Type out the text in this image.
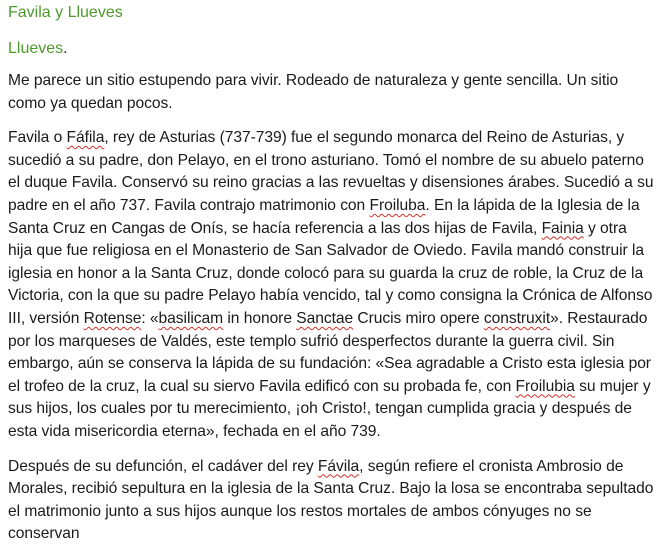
Favila y Llueves
Llueves.

Me parece un sitio estupendo para vivir. Rodeado de naturaleza y gente sencilla. Un sitio como ya quedan pocos.

Favila o Fáfila, rey de Asturias (737-739) fue el segundo monarca del Reino de Asturias, y sucedió a su padre, don Pelayo, en el trono asturiano. Tomó el nombre de su abuelo paterno el duque Favila. Conservó su reino gracias a las revueltas y disensiones árabes. Sucedió a su padre en el año 737. Favila contrajo matrimonio con Froiluba. En la lápida de la Iglesia de la Santa Cruz en Cangas de Onís, se hacía referencia a las dos hijas de Favila, Fainia y otra hija que fue religiosa en el Monasterio de San Salvador de Oviedo. Favila mandó construir la iglesia en honor a la Santa Cruz, donde colocó para su guarda la cruz de roble, la Cruz de la Victoria, con la que su padre Pelayo había vencido, tal y como consigna la Crónica de Alfonso III, versión Rotense: «basilicam in honore Sanctae Crucis miro opere construxit». Restaurado por los marqueses de Valdés, este templo sufrió desperfectos durante la guerra civil. Sin embargo, aún se conserva la lápida de su fundación: «Sea agradable a Cristo esta iglesia por el trofeo de la cruz, la cual su siervo Favila edificó con su probada fe, con Froilubia su mujer y sus hijos, los cuales por tu merecimiento, ¡oh Cristo!, tengan cumplida gracia y después de esta vida misericordia eterna», fechada en el año 739.

Después de su defunción, el cadáver del rey Fávila, según refiere el cronista Ambrosio de Morales, recibió sepultura en la iglesia de la Santa Cruz. Bajo la losa se encontraba sepultado el matrimonio junto a sus hijos aunque los restos mortales de ambos cónyuges no se conservan
